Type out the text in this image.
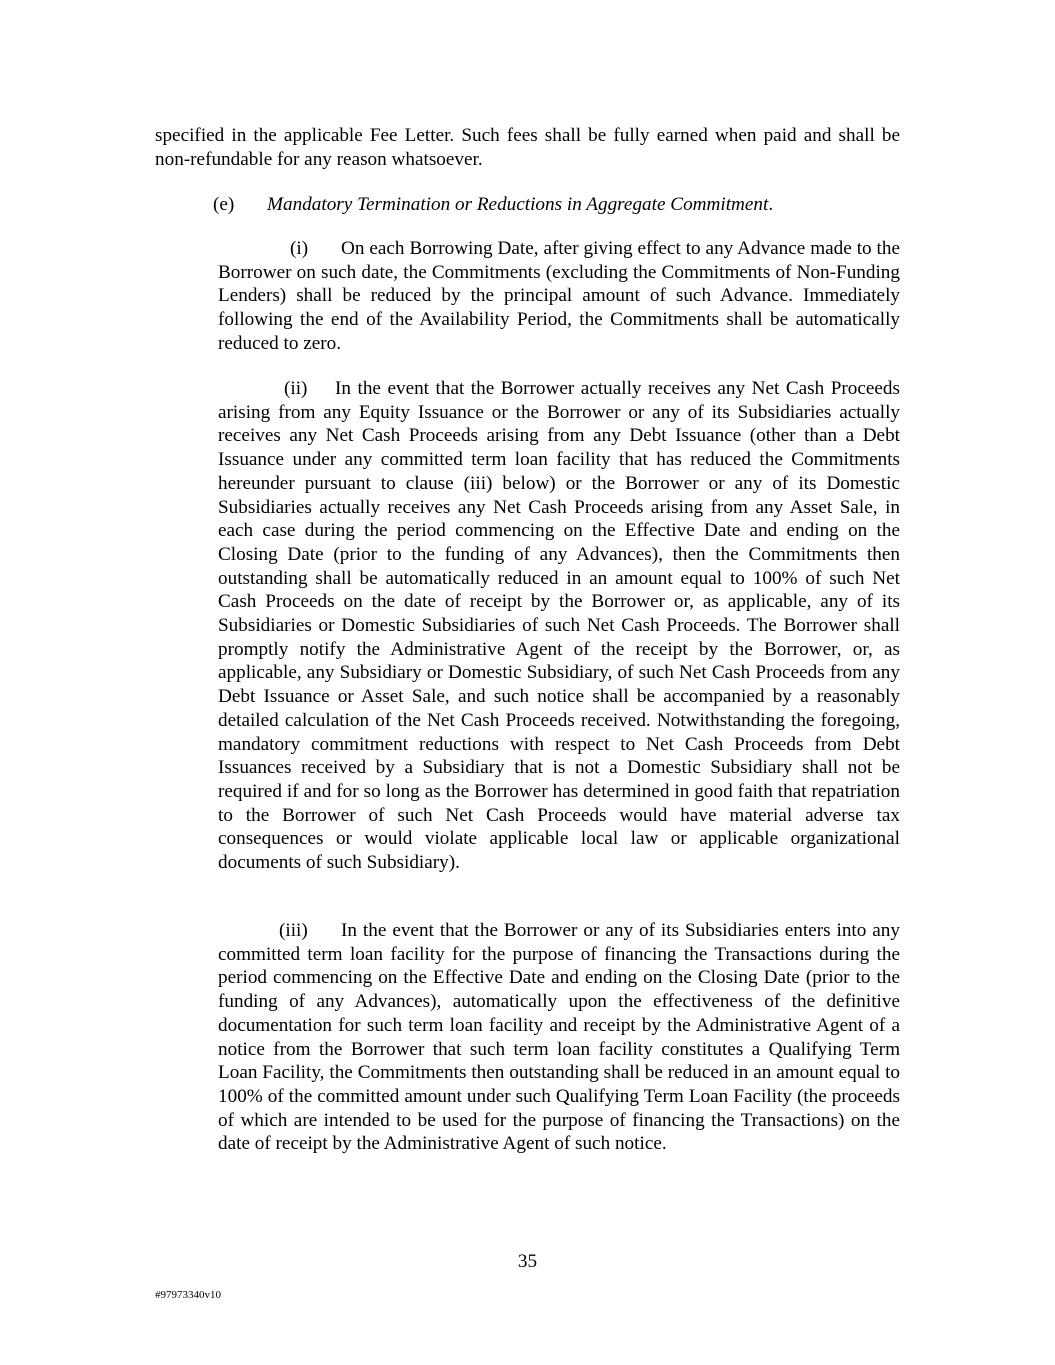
specified in the applicable Fee Letter. Such fees shall be fully earned when paid and shall be non-refundable for any reason whatsoever.

(e) Mandatory Termination or Reductions in Aggregate Commitment.

(i) On each Borrowing Date, after giving effect to any Advance made to the Borrower on such date, the Commitments (excluding the Commitments of Non-Funding Lenders) shall be reduced by the principal amount of such Advance. Immediately following the end of the Availability Period, the Commitments shall be automatically reduced to zero.

(ii) In the event that the Borrower actually receives any Net Cash Proceeds arising from any Equity Issuance or the Borrower or any of its Subsidiaries actually receives any Net Cash Proceeds arising from any Debt Issuance (other than a Debt Issuance under any committed term loan facility that has reduced the Commitments hereunder pursuant to clause (iii) below) or the Borrower or any of its Domestic Subsidiaries actually receives any Net Cash Proceeds arising from any Asset Sale, in each case during the period commencing on the Effective Date and ending on the Closing Date (prior to the funding of any Advances), then the Commitments then outstanding shall be automatically reduced in an amount equal to 100% of such Net Cash Proceeds on the date of receipt by the Borrower or, as applicable, any of its Subsidiaries or Domestic Subsidiaries of such Net Cash Proceeds. The Borrower shall promptly notify the Administrative Agent of the receipt by the Borrower, or, as applicable, any Subsidiary or Domestic Subsidiary, of such Net Cash Proceeds from any Debt Issuance or Asset Sale, and such notice shall be accompanied by a reasonably detailed calculation of the Net Cash Proceeds received. Notwithstanding the foregoing, mandatory commitment reductions with respect to Net Cash Proceeds from Debt Issuances received by a Subsidiary that is not a Domestic Subsidiary shall not be required if and for so long as the Borrower has determined in good faith that repatriation to the Borrower of such Net Cash Proceeds would have material adverse tax consequences or would violate applicable local law or applicable organizational documents of such Subsidiary).

(iii) In the event that the Borrower or any of its Subsidiaries enters into any committed term loan facility for the purpose of financing the Transactions during the period commencing on the Effective Date and ending on the Closing Date (prior to the funding of any Advances), automatically upon the effectiveness of the definitive documentation for such term loan facility and receipt by the Administrative Agent of a notice from the Borrower that such term loan facility constitutes a Qualifying Term Loan Facility, the Commitments then outstanding shall be reduced in an amount equal to 100% of the committed amount under such Qualifying Term Loan Facility (the proceeds of which are intended to be used for the purpose of financing the Transactions) on the date of receipt by the Administrative Agent of such notice.

35
#97973340v10
